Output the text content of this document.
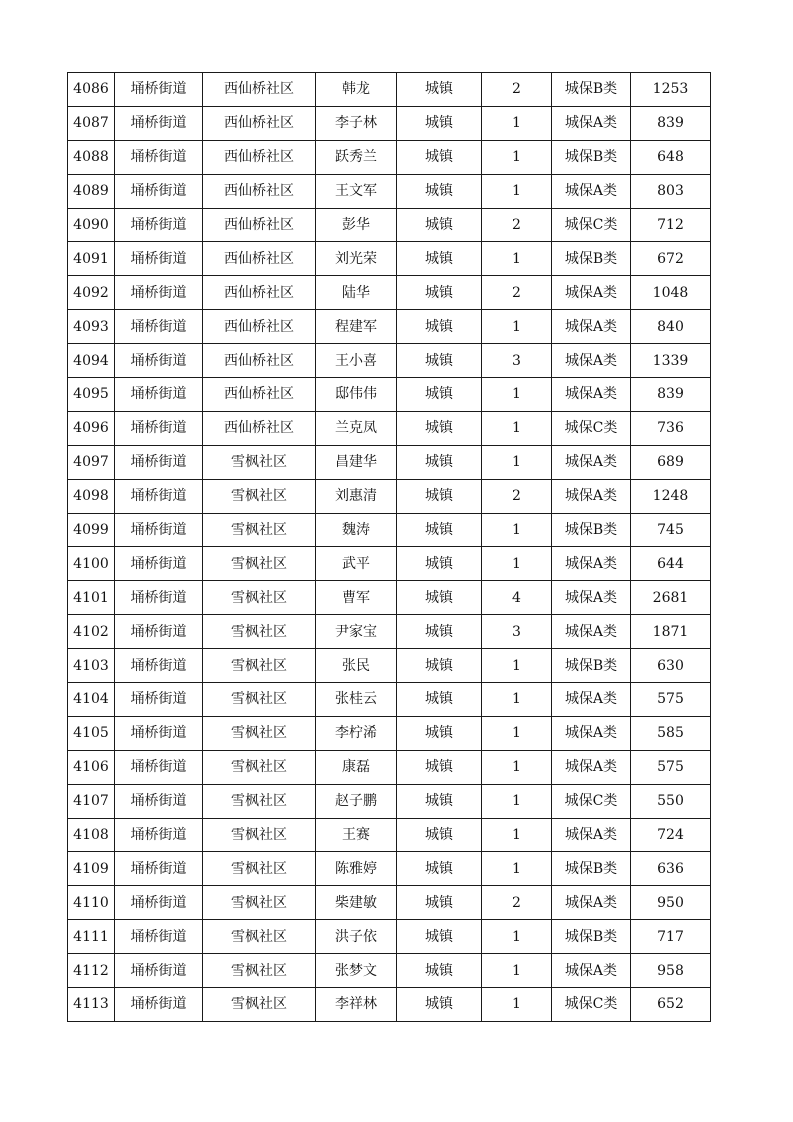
4086	埇桥街道	西仙桥社区	韩龙	城镇	2	城保B类	1253
4087	埇桥街道	西仙桥社区	李子林	城镇	1	城保A类	839
4088	埇桥街道	西仙桥社区	跃秀兰	城镇	1	城保B类	648
4089	埇桥街道	西仙桥社区	王文军	城镇	1	城保A类	803
4090	埇桥街道	西仙桥社区	彭华	城镇	2	城保C类	712
4091	埇桥街道	西仙桥社区	刘光荣	城镇	1	城保B类	672
4092	埇桥街道	西仙桥社区	陆华	城镇	2	城保A类	1048
4093	埇桥街道	西仙桥社区	程建军	城镇	1	城保A类	840
4094	埇桥街道	西仙桥社区	王小喜	城镇	3	城保A类	1339
4095	埇桥街道	西仙桥社区	邸伟伟	城镇	1	城保A类	839
4096	埇桥街道	西仙桥社区	兰克凤	城镇	1	城保C类	736
4097	埇桥街道	雪枫社区	昌建华	城镇	1	城保A类	689
4098	埇桥街道	雪枫社区	刘惠清	城镇	2	城保A类	1248
4099	埇桥街道	雪枫社区	魏涛	城镇	1	城保B类	745
4100	埇桥街道	雪枫社区	武平	城镇	1	城保A类	644
4101	埇桥街道	雪枫社区	曹军	城镇	4	城保A类	2681
4102	埇桥街道	雪枫社区	尹家宝	城镇	3	城保A类	1871
4103	埇桥街道	雪枫社区	张民	城镇	1	城保B类	630
4104	埇桥街道	雪枫社区	张桂云	城镇	1	城保A类	575
4105	埇桥街道	雪枫社区	李柠浠	城镇	1	城保A类	585
4106	埇桥街道	雪枫社区	康磊	城镇	1	城保A类	575
4107	埇桥街道	雪枫社区	赵子鹏	城镇	1	城保C类	550
4108	埇桥街道	雪枫社区	王赛	城镇	1	城保A类	724
4109	埇桥街道	雪枫社区	陈雅婷	城镇	1	城保B类	636
4110	埇桥街道	雪枫社区	柴建敏	城镇	2	城保A类	950
4111	埇桥街道	雪枫社区	洪子依	城镇	1	城保B类	717
4112	埇桥街道	雪枫社区	张梦文	城镇	1	城保A类	958
4113	埇桥街道	雪枫社区	李祥林	城镇	1	城保C类	652
